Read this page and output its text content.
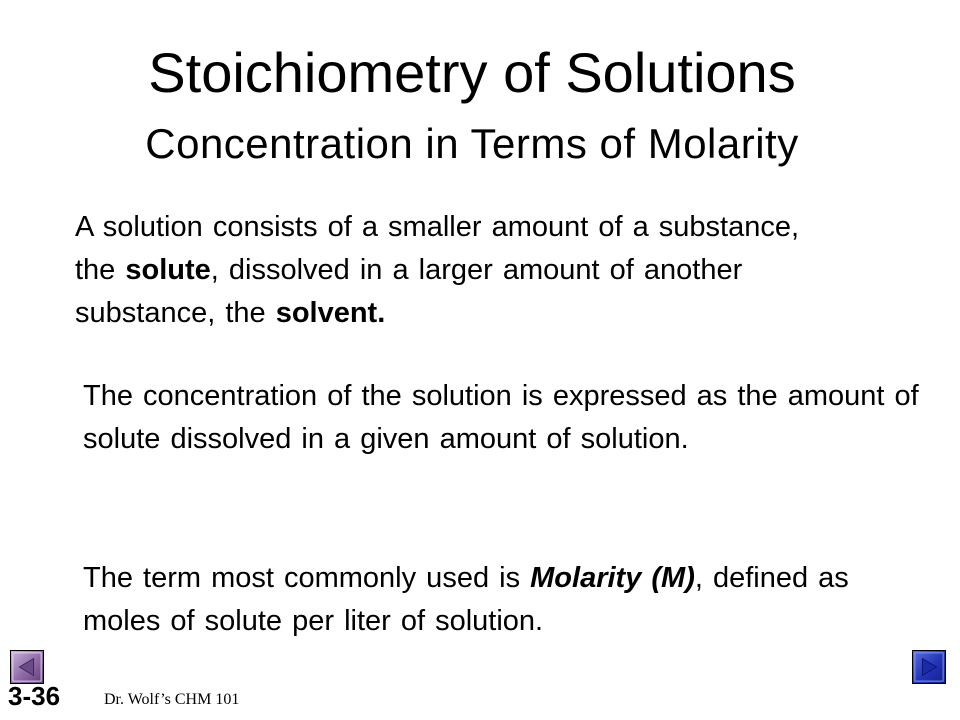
Stoichiometry of Solutions
Concentration in Terms of Molarity

A solution consists of a smaller amount of a substance, the solute, dissolved in a larger amount of another substance, the solvent.

The concentration of the solution is expressed as the amount of solute dissolved in a given amount of solution.

The term most commonly used is Molarity (M), defined as moles of solute per liter of solution.

3-36	Dr. Wolf’s CHM 101
